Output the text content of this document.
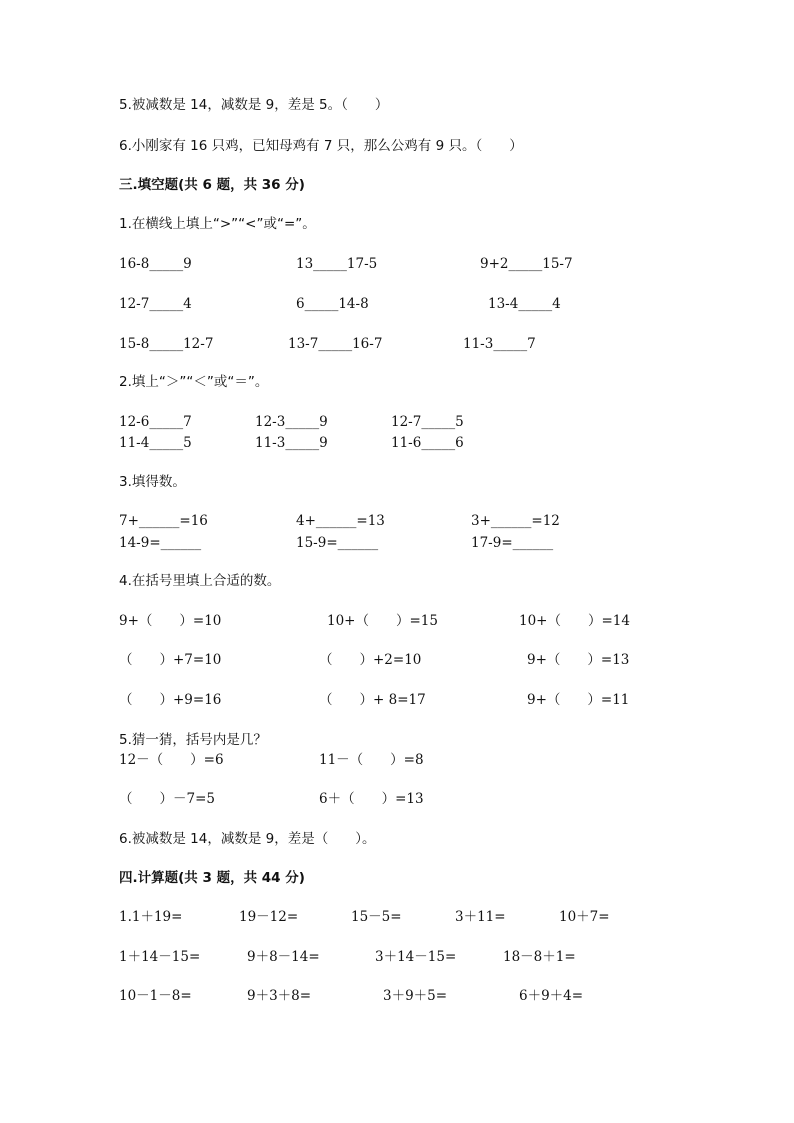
5.被减数是 14，减数是 9，差是 5。（　　）
6.小刚家有 16 只鸡，已知母鸡有 7 只，那么公鸡有 9 只。（　　）
三.填空题(共 6 题，共 36 分)
1.在横线上填上“>”“<”或“=”。
16-8_____9	13_____17-5	9+2_____15-7
12-7_____4	6_____14-8	13-4_____4
15-8_____12-7	13-7_____16-7	11-3_____7
2.填上“＞”“＜”或“＝”。
12-6_____7	12-3_____9	12-7_____5
11-4_____5	11-3_____9	11-6_____6
3.填得数。
7+______=16	4+______=13	3+______=12
14-9=______	15-9=______	17-9=______
4.在括号里填上合适的数。
9+（　　）=10	10+（　　）=15	10+（　　）=14
（　　）+7=10	（　　）+2=10	9+（　　）=13
（　　）+9=16	（　　）+ 8=17	9+（　　）=11
5.猜一猜，括号内是几？
12－（　　）=6	11－（　　）=8
（　　）－7=5	6＋（　　）=13
6.被减数是 14，减数是 9，差是（　　）。
四.计算题(共 3 题，共 44 分)
1.1＋19=	19－12=	15－5=	3＋11=	10＋7=
1＋14－15=	9＋8－14=	3＋14－15=	18－8＋1=
10－1－8=	9＋3＋8=	3＋9＋5=	6＋9＋4=
